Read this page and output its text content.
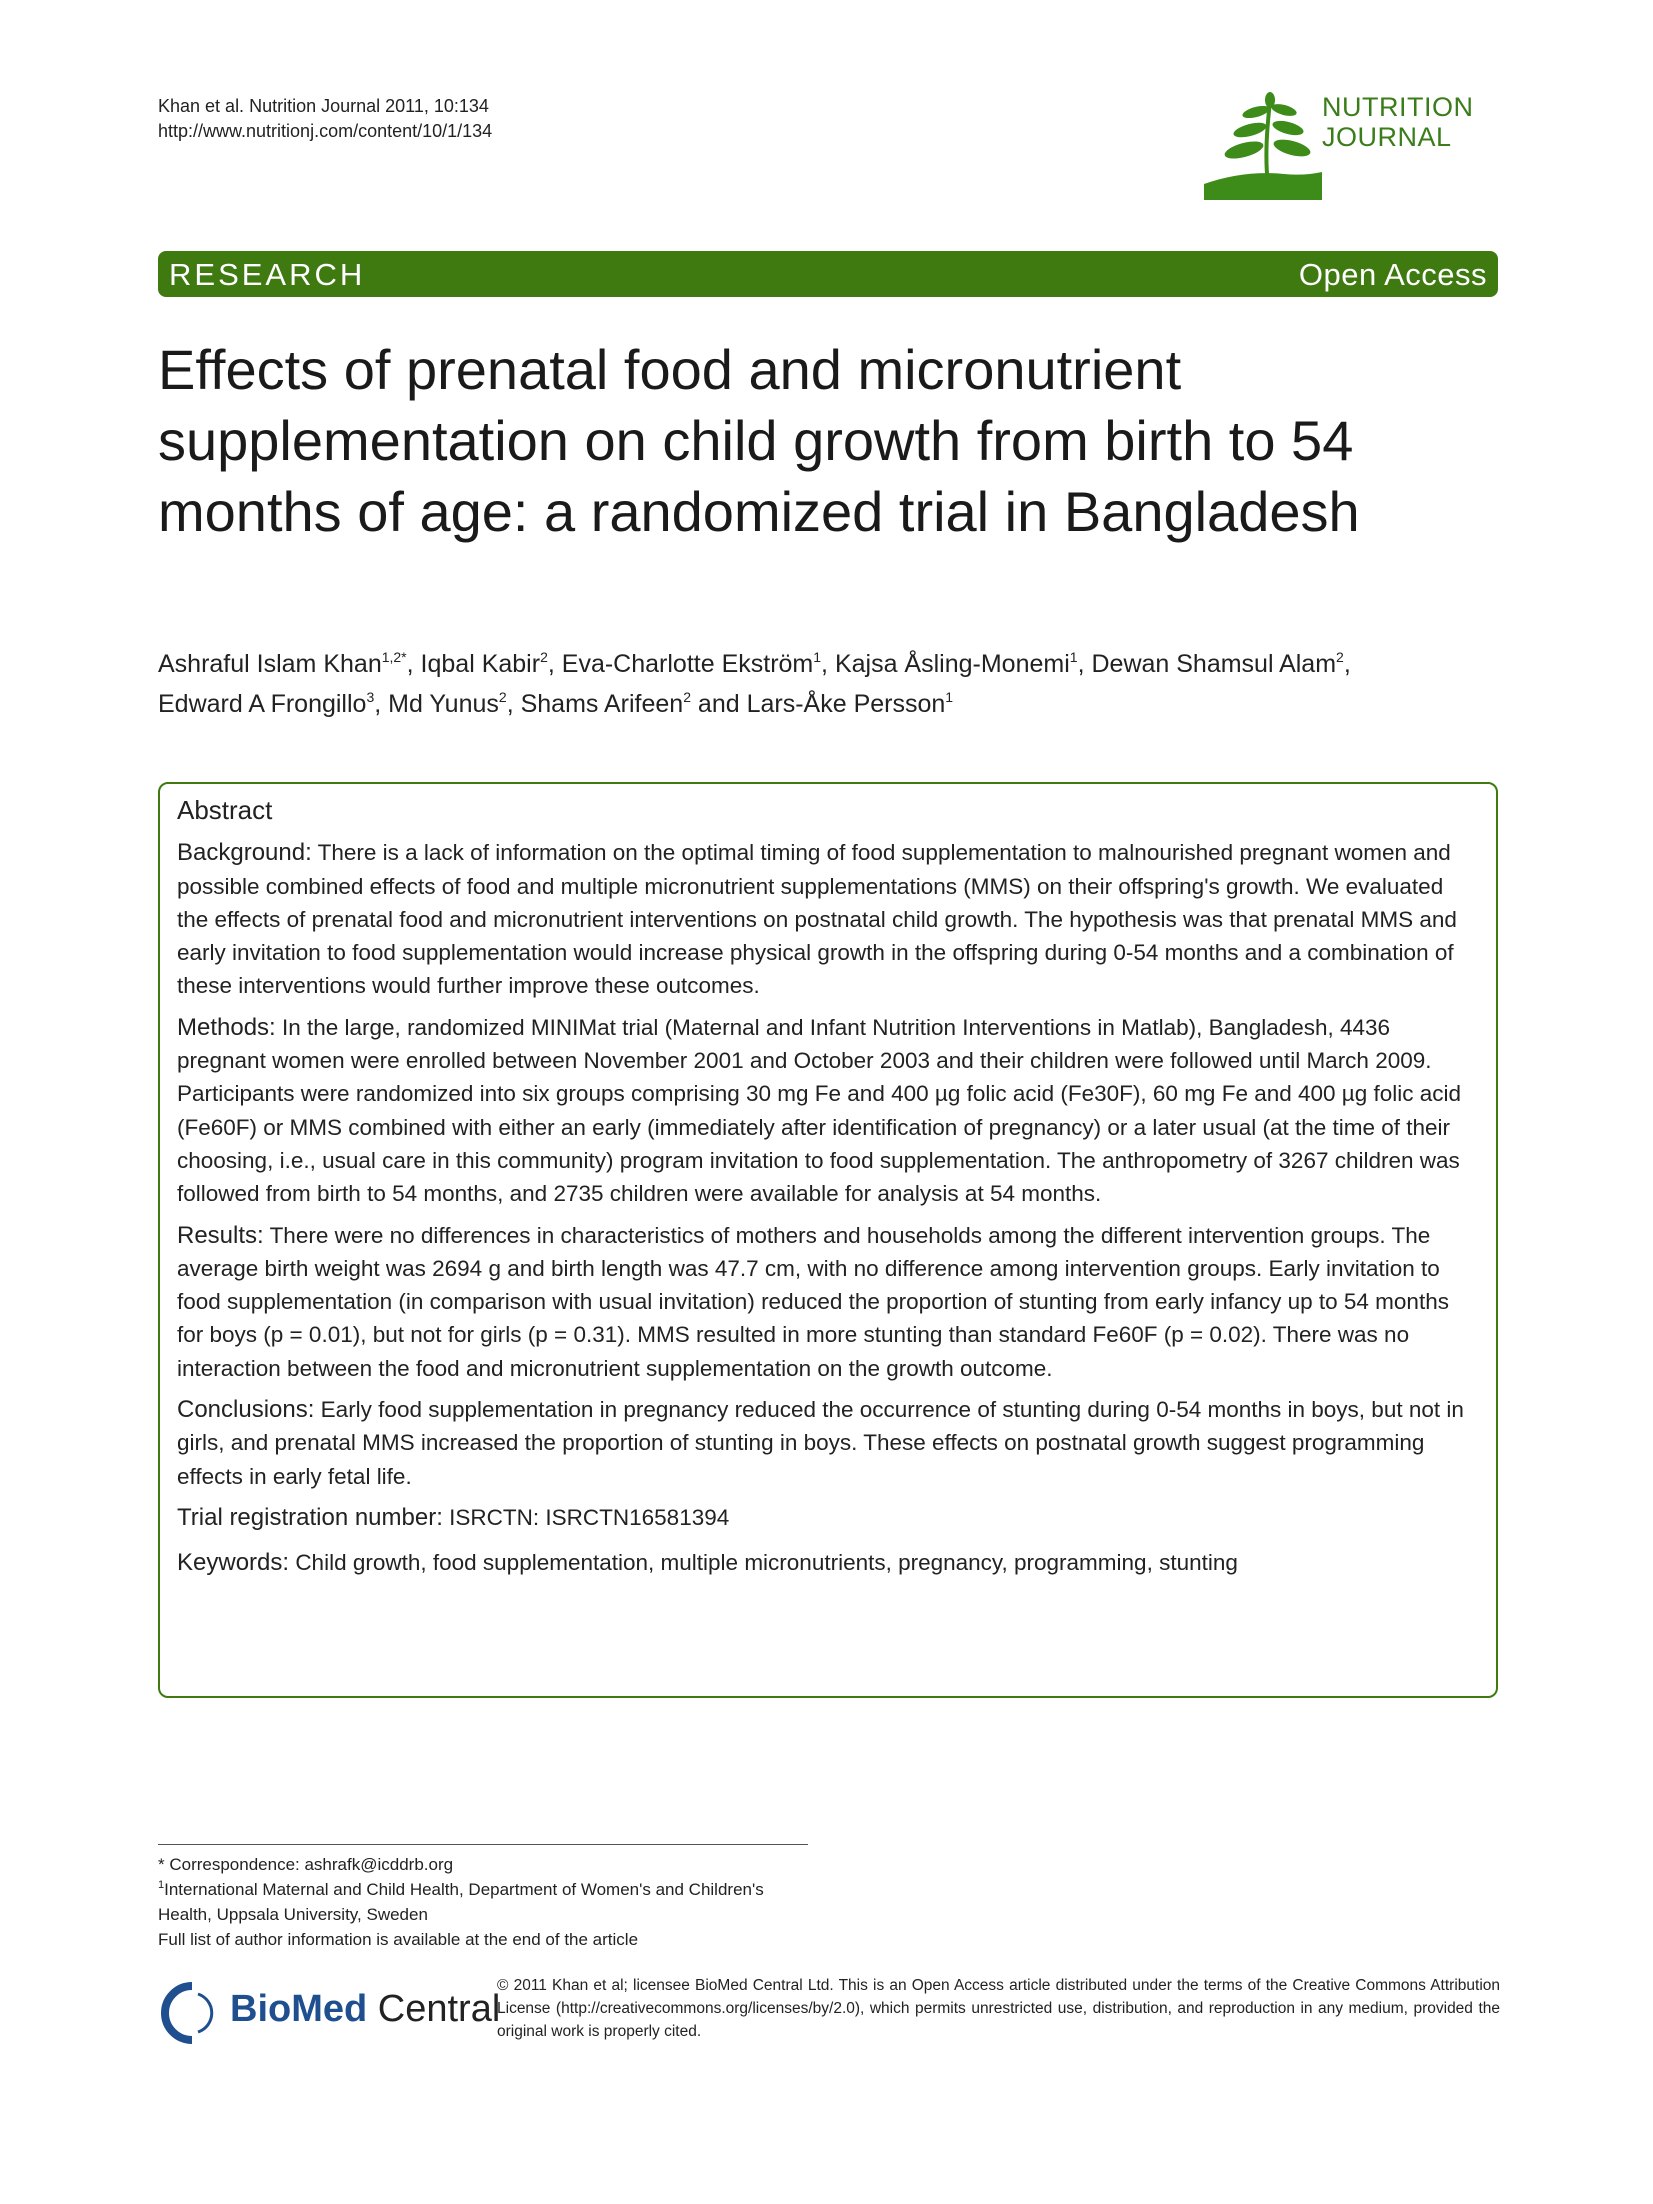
Khan et al. Nutrition Journal 2011, 10:134
http://www.nutritionj.com/content/10/1/134
NUTRITION
JOURNAL
RESEARCH	Open Access
Effects of prenatal food and micronutrient supplementation on child growth from birth to 54 months of age: a randomized trial in Bangladesh
Ashraful Islam Khan$^{1,2*}$, Iqbal Kabir$^2$, Eva-Charlotte Ekström$^1$, Kajsa Åsling-Monemi$^1$, Dewan Shamsul Alam$^2$,
Edward A Frongillo$^3$, Md Yunus$^2$, Shams Arifeen$^2$ and Lars-Åke Persson$^1$
Abstract

Background: There is a lack of information on the optimal timing of food supplementation to malnourished pregnant women and possible combined effects of food and multiple micronutrient supplementations (MMS) on their offspring's growth. We evaluated the effects of prenatal food and micronutrient interventions on postnatal child growth. The hypothesis was that prenatal MMS and early invitation to food supplementation would increase physical growth in the offspring during 0-54 months and a combination of these interventions would further improve these outcomes.

Methods: In the large, randomized MINIMat trial (Maternal and Infant Nutrition Interventions in Matlab), Bangladesh, 4436 pregnant women were enrolled between November 2001 and October 2003 and their children were followed until March 2009. Participants were randomized into six groups comprising 30 mg Fe and 400 µg folic acid (Fe30F), 60 mg Fe and 400 µg folic acid (Fe60F) or MMS combined with either an early (immediately after identification of pregnancy) or a later usual (at the time of their choosing, i.e., usual care in this community) program invitation to food supplementation. The anthropometry of 3267 children was followed from birth to 54 months, and 2735 children were available for analysis at 54 months.

Results: There were no differences in characteristics of mothers and households among the different intervention groups. The average birth weight was 2694 g and birth length was 47.7 cm, with no difference among intervention groups. Early invitation to food supplementation (in comparison with usual invitation) reduced the proportion of stunting from early infancy up to 54 months for boys (p = 0.01), but not for girls (p = 0.31). MMS resulted in more stunting than standard Fe60F (p = 0.02). There was no interaction between the food and micronutrient supplementation on the growth outcome.

Conclusions: Early food supplementation in pregnancy reduced the occurrence of stunting during 0-54 months in boys, but not in girls, and prenatal MMS increased the proportion of stunting in boys. These effects on postnatal growth suggest programming effects in early fetal life.

Trial registration number: ISRCTN: ISRCTN16581394

Keywords: Child growth, food supplementation, multiple micronutrients, pregnancy, programming, stunting

* Correspondence: ashrafk@icddrb.org
$^1$International Maternal and Child Health, Department of Women's and Children's Health, Uppsala University, Sweden
Full list of author information is available at the end of the article
BioMed Central
© 2011 Khan et al; licensee BioMed Central Ltd. This is an Open Access article distributed under the terms of the Creative Commons Attribution License (http://creativecommons.org/licenses/by/2.0), which permits unrestricted use, distribution, and reproduction in any medium, provided the original work is properly cited.
